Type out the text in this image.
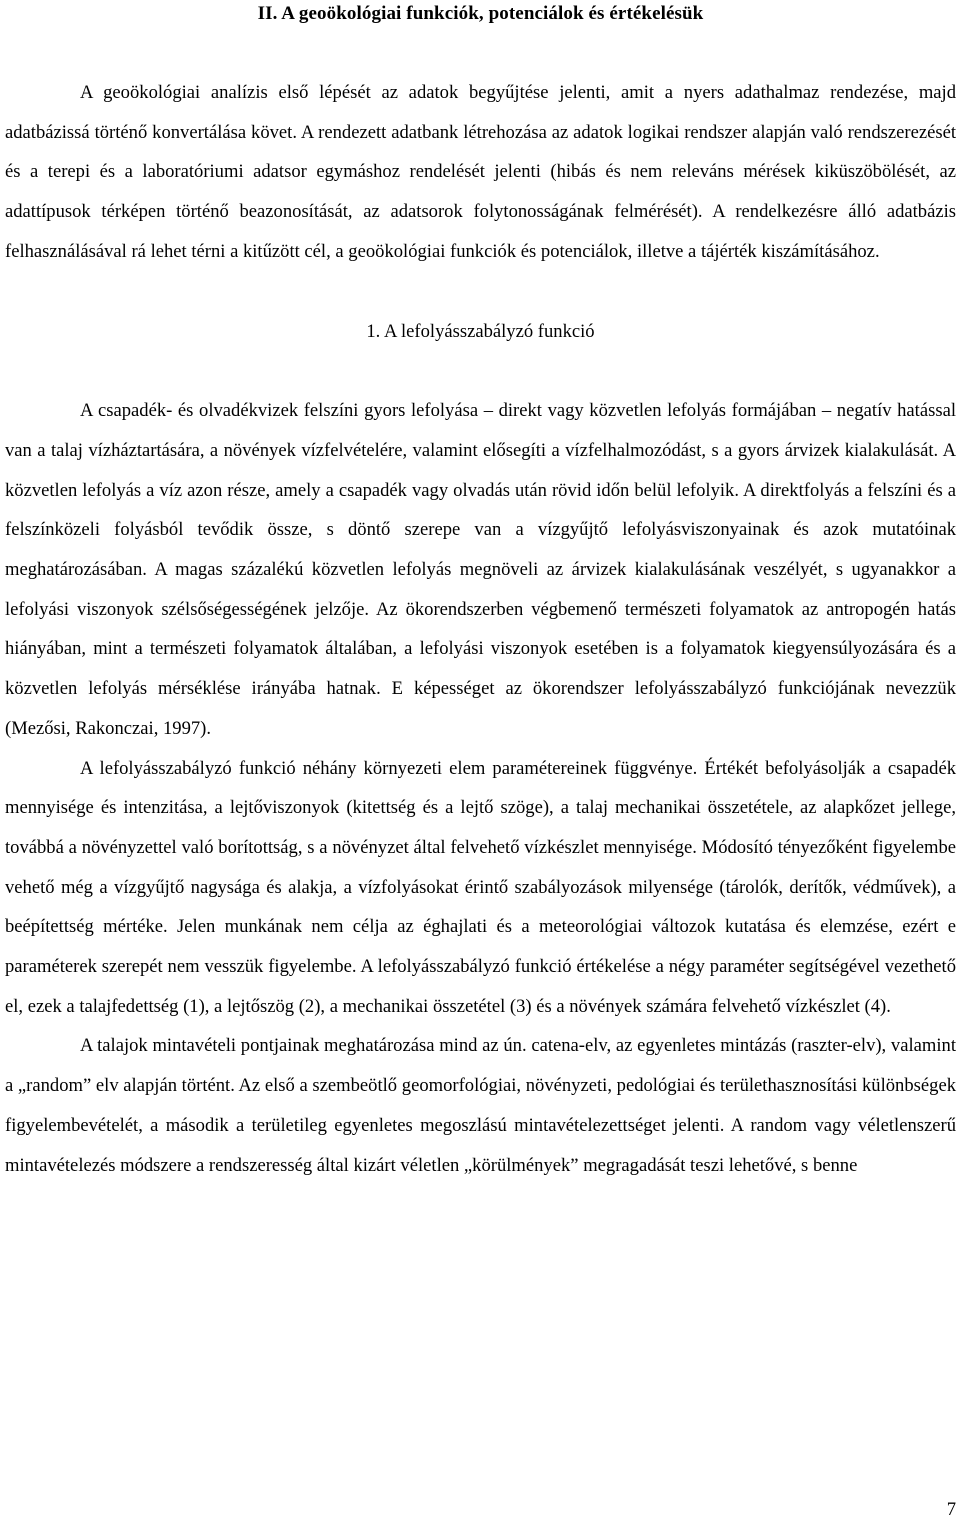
II. A geoökológiai funkciók, potenciálok és értékelésük

A geoökológiai analízis első lépését az adatok begyűjtése jelenti, amit a nyers adathalmaz rendezése, majd adatbázissá történő konvertálása követ. A rendezett adatbank létrehozása az adatok logikai rendszer alapján való rendszerezését és a terepi és a laboratóriumi adatsor egymáshoz rendelését jelenti (hibás és nem releváns mérések kiküszöbölését, az adattípusok térképen történő beazonosítását, az adatsorok folytonosságának felmérését). A rendelkezésre álló adatbázis felhasználásával rá lehet térni a kitűzött cél, a geoökológiai funkciók és potenciálok, illetve a tájérték kiszámításához.

1. A lefolyásszabályzó funkció

A csapadék- és olvadékvizek felszíni gyors lefolyása – direkt vagy közvetlen lefolyás formájában – negatív hatással van a talaj vízháztartására, a növények vízfelvételére, valamint elősegíti a vízfelhalmozódást, s a gyors árvizek kialakulását. A közvetlen lefolyás a víz azon része, amely a csapadék vagy olvadás után rövid időn belül lefolyik. A direktfolyás a felszíni és a felszínközeli folyásból tevődik össze, s döntő szerepe van a vízgyűjtő lefolyásviszonyainak és azok mutatóinak meghatározásában. A magas százalékú közvetlen lefolyás megnöveli az árvizek kialakulásának veszélyét, s ugyanakkor a lefolyási viszonyok szélsőségességének jelzője. Az ökorendszerben végbemenő természeti folyamatok az antropogén hatás hiányában, mint a természeti folyamatok általában, a lefolyási viszonyok esetében is a folyamatok kiegyensúlyozására és a közvetlen lefolyás mérséklése irányába hatnak. E képességet az ökorendszer lefolyásszabályzó funkciójának nevezzük (Mezősi, Rakonczai, 1997).

A lefolyásszabályzó funkció néhány környezeti elem paramétereinek függvénye. Értékét befolyásolják a csapadék mennyisége és intenzitása, a lejtőviszonyok (kitettség és a lejtő szöge), a talaj mechanikai összetétele, az alapkőzet jellege, továbbá a növényzettel való borítottság, s a növényzet által felvehető vízkészlet mennyisége. Módosító tényezőként figyelembe vehető még a vízgyűjtő nagysága és alakja, a vízfolyásokat érintő szabályozások milyensége (tárolók, derítők, védművek), a beépítettség mértéke. Jelen munkának nem célja az éghajlati és a meteorológiai változok kutatása és elemzése, ezért e paraméterek szerepét nem vesszük figyelembe. A lefolyásszabályzó funkció értékelése a négy paraméter segítségével vezethető el, ezek a talajfedettség (1), a lejtőszög (2), a mechanikai összetétel (3) és a növények számára felvehető vízkészlet (4).

A talajok mintavételi pontjainak meghatározása mind az ún. catena-elv, az egyenletes mintázás (raszter-elv), valamint a „random” elv alapján történt. Az első a szembeötlő geomorfológiai, növényzeti, pedológiai és területhasznosítási különbségek figyelembevételét, a második a területileg egyenletes megoszlású mintavételezettséget jelenti. A random vagy véletlenszerű mintavételezés módszere a rendszeresség által kizárt véletlen „körülmények” megragadását teszi lehetővé, s benne

7
